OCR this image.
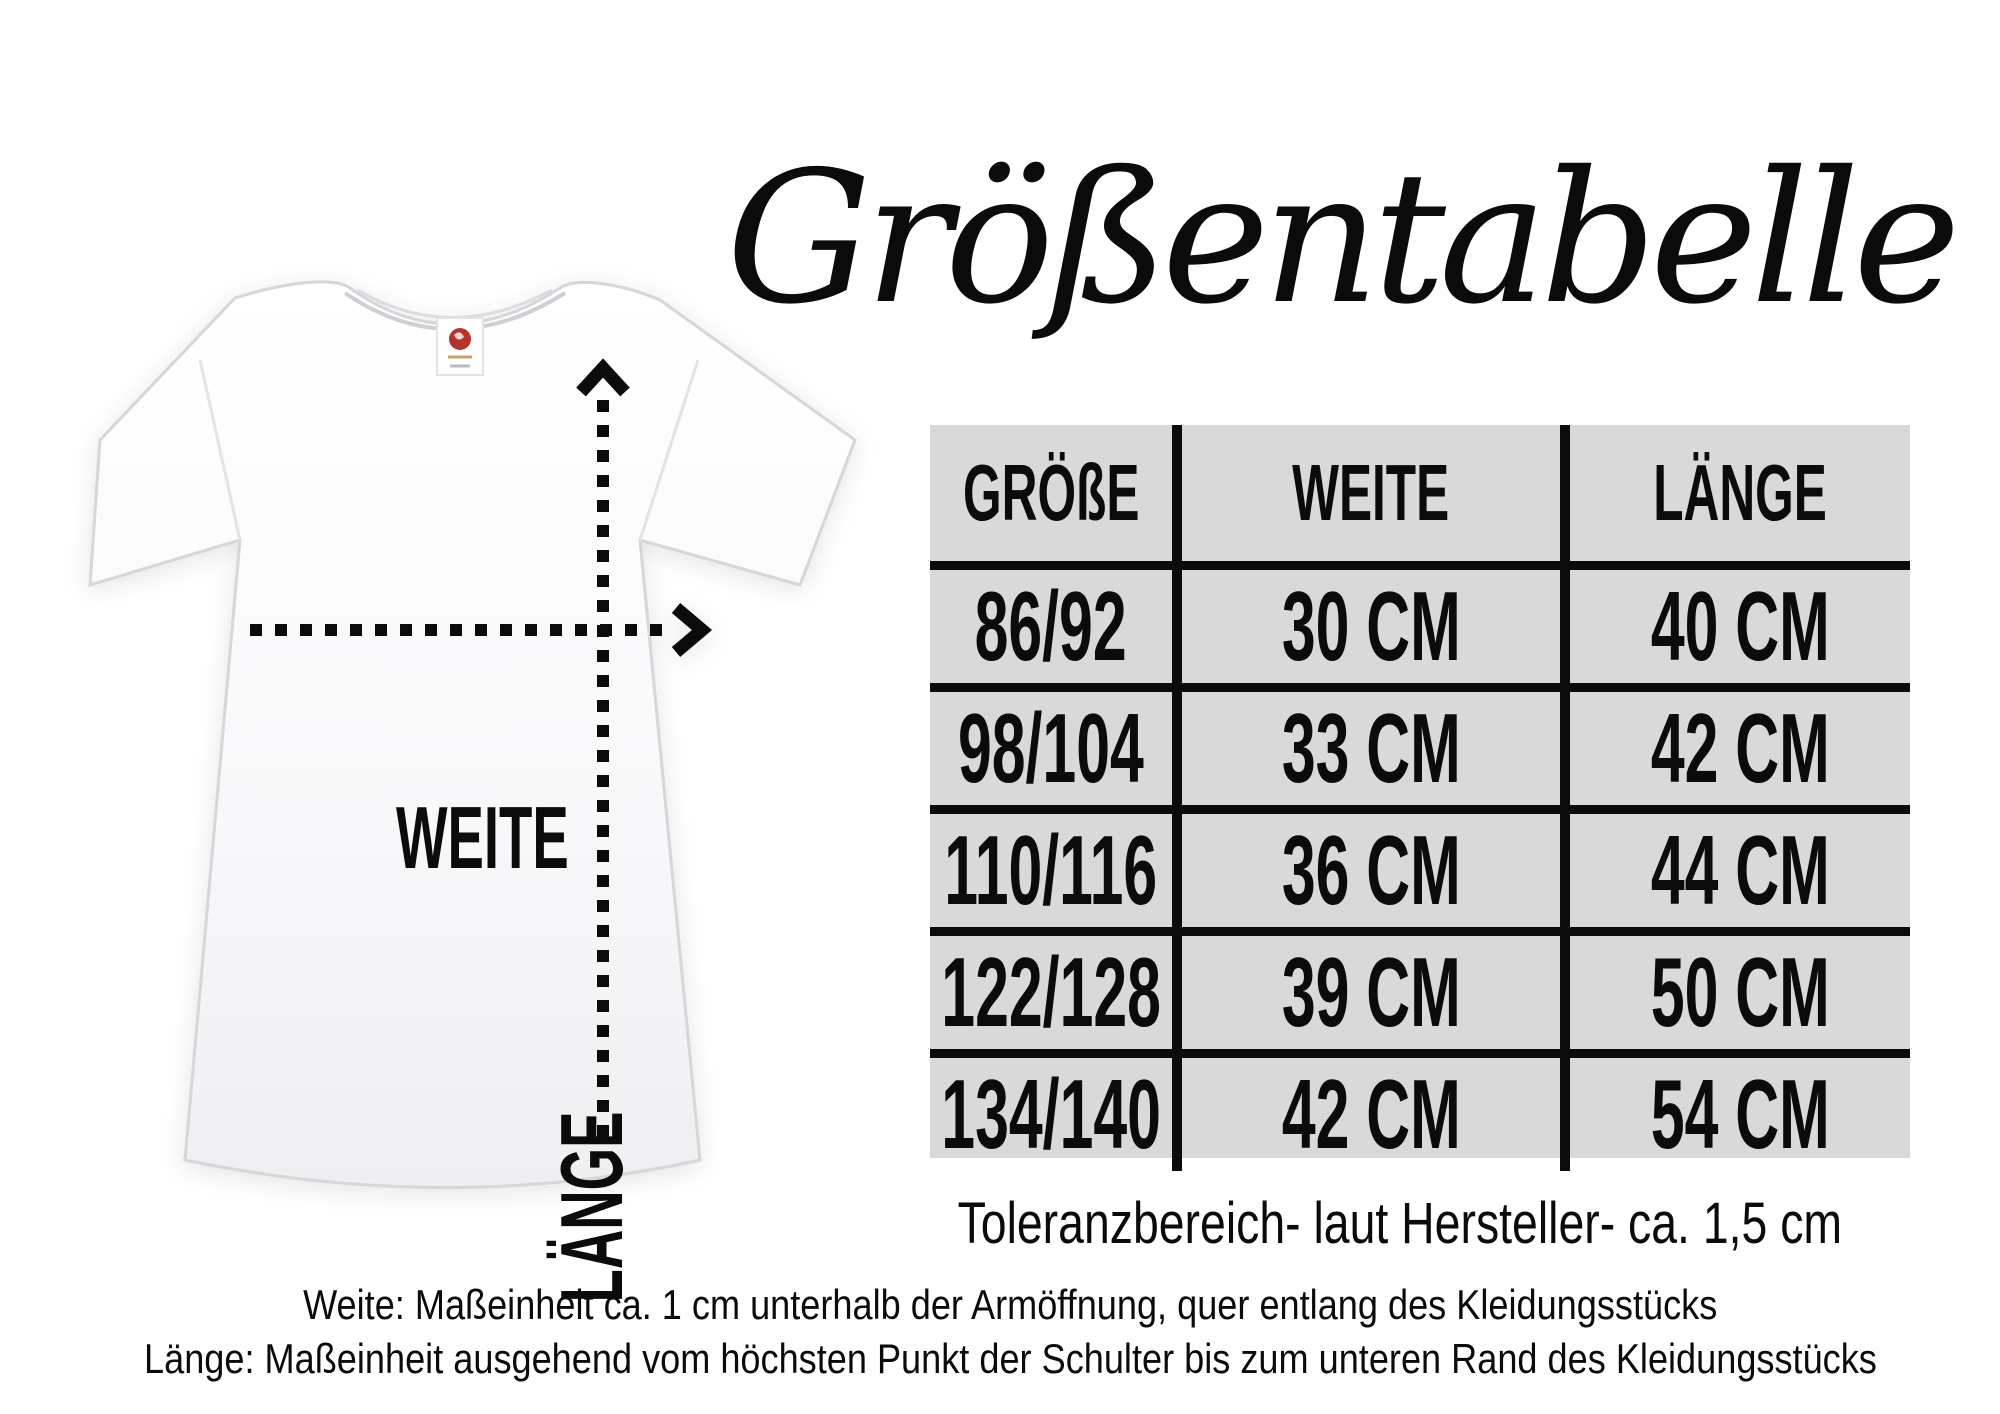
Größentabelle
WEITE
LÄNGE
GRÖßE WEITE	LÄNGE
86/92 30 CM 40 CM
98/104 33 CM 42 CM
110/116 36 CM 44 CM
122/128 39 CM 50 CM
134/140 42 CM 54 CM
Toleranzbereich- laut Hersteller- ca. 1,5 cm
Weite: Maßeinheit ca. 1 cm unterhalb der Armöffnung, quer entlang des Kleidungsstücks
Länge: Maßeinheit ausgehend vom höchsten Punkt der Schulter bis zum unteren Rand des Kleidungsstücks
